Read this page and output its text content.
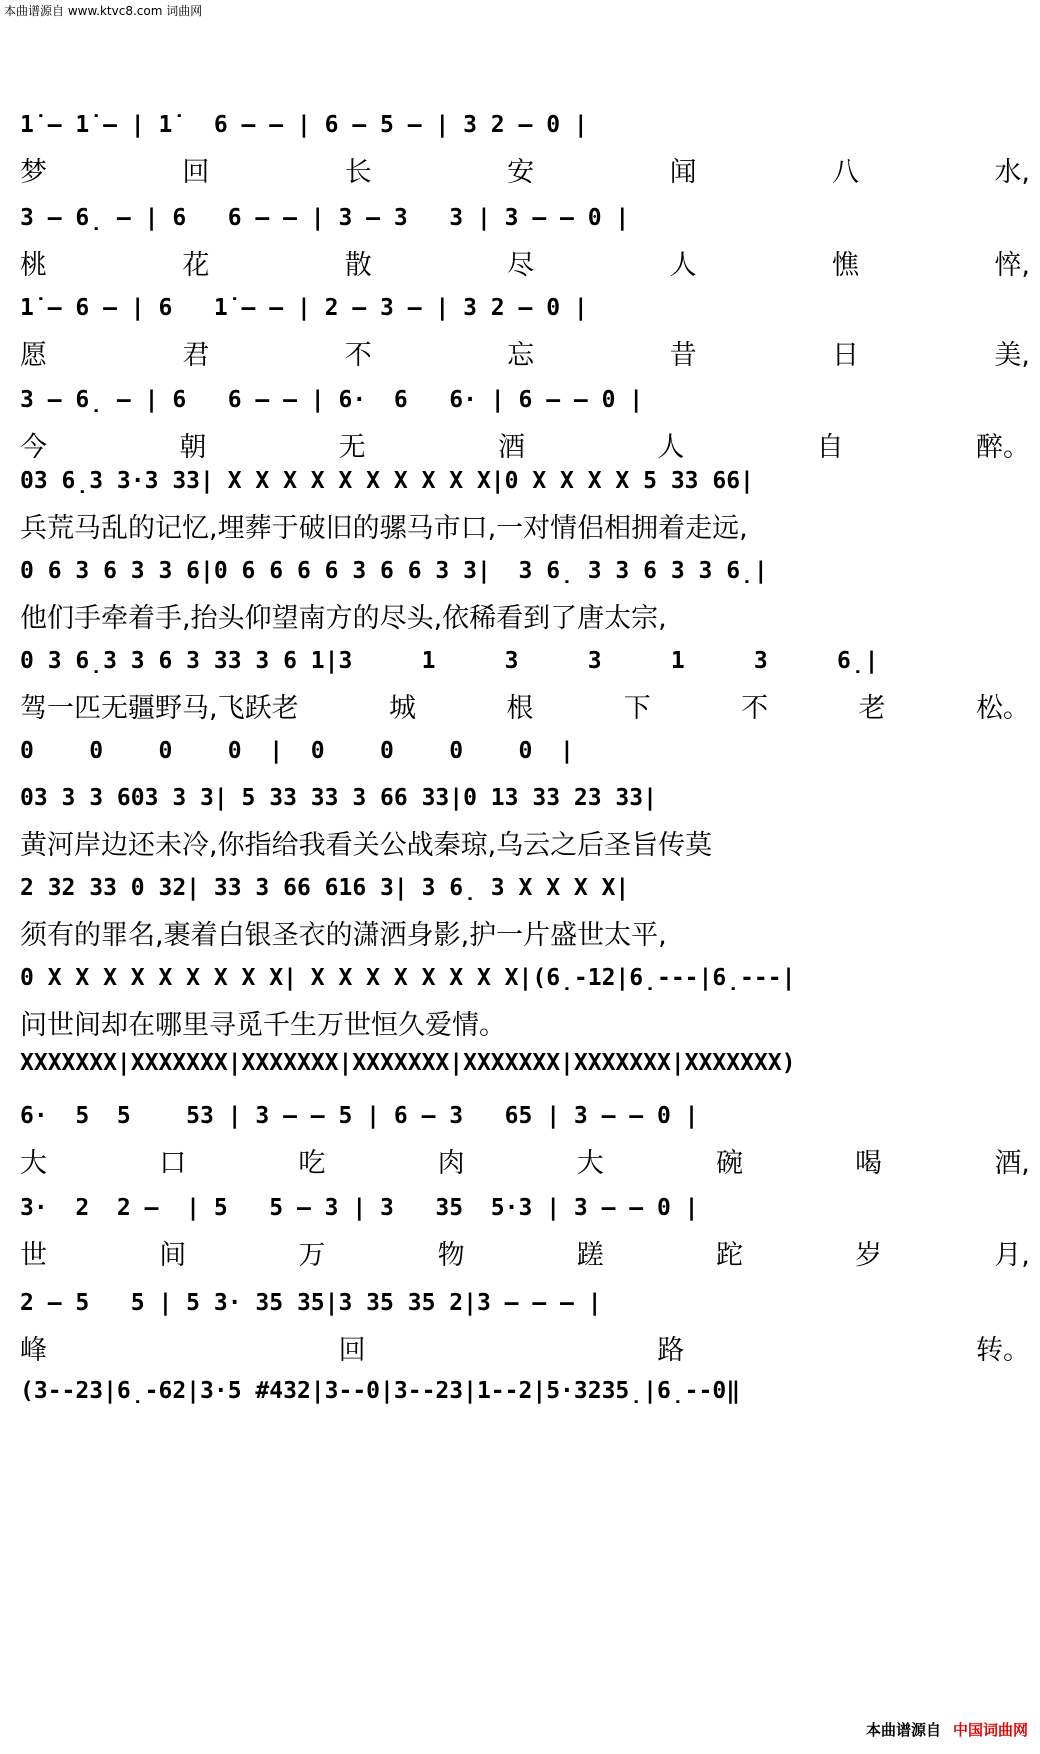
本曲谱源自 www.ktvc8.com 词曲网
1̇ – 1̇ – | 1̇   6 – – | 6 – 5 – | 3 2 – 0 |
梦	回	长	安	闻	八	水,
3 – 6̣ – | 6   6 – – | 3 – 3   3 | 3 – – 0 |
桃	花	散	尽	人	憔	悴,
1̇ – 6 – | 6   1̇ – – | 2 – 3 – | 3 2 – 0 |
愿	君	不	忘	昔	日	美,
3 – 6̣ – | 6   6 – – | 6·  6   6· | 6 – – 0 |
今	朝	无	酒	人	自	醉。
03 6̣3 3·3 33| X X X X X X X X X X|0 X X X X 5 33 66|
兵荒马乱的记忆,埋葬于破旧的骡马市口,一对情侣相拥着走远,
0 6 3 6 3 3 6|0 6 6 6 6 3 6 6 3 3|  3 6̣ 3 3 6 3 3 6̣|
他们手牵着手,抬头仰望南方的尽头,依稀看到了唐太宗,
0 3 6̣3 3 6 3 33 3 6 1|3     1     3     3     1     3     6̣|
驾一匹无疆野马,飞跃老	城	根	下	不	老	松。
0    0    0    0  |  0    0    0    0  |
03 3 3 603 3 3| 5 33 33 3 66 33|0 13 33 23 33|
黄河岸边还未冷,你指给我看关公战秦琼,乌云之后圣旨传莫
2 32 33 0 32| 33 3 66 616 3| 3 6̣ 3 X X X X|
须有的罪名,裹着白银圣衣的潇洒身影,护一片盛世太平,
0 X X X X X X X X X| X X X X X X X X|(6̣-12|6̣---|6̣---|
问世间却在哪里寻觅千生万世恒久爱情。
XXXXXXX|XXXXXXX|XXXXXXX|XXXXXXX|XXXXXXX|XXXXXXX|XXXXXXX)
6·  5  5    53 | 3 – – 5 | 6 – 3   65 | 3 – – 0 |
大	口	吃	肉	大	碗	喝	酒,
3·  2  2 –  | 5   5 – 3 | 3   35  5·3 | 3 – – 0 |
世	间	万	物	蹉	跎	岁	月,
2 – 5   5 | 5 3· 35 35|3 35 35 2|3 – – – |
峰	回	路	转。
(3--23|6̣-62|3·5 #432|3--0|3--23|1--2|5·3235̣|6̣--0‖
本曲谱源自 中国词曲网
